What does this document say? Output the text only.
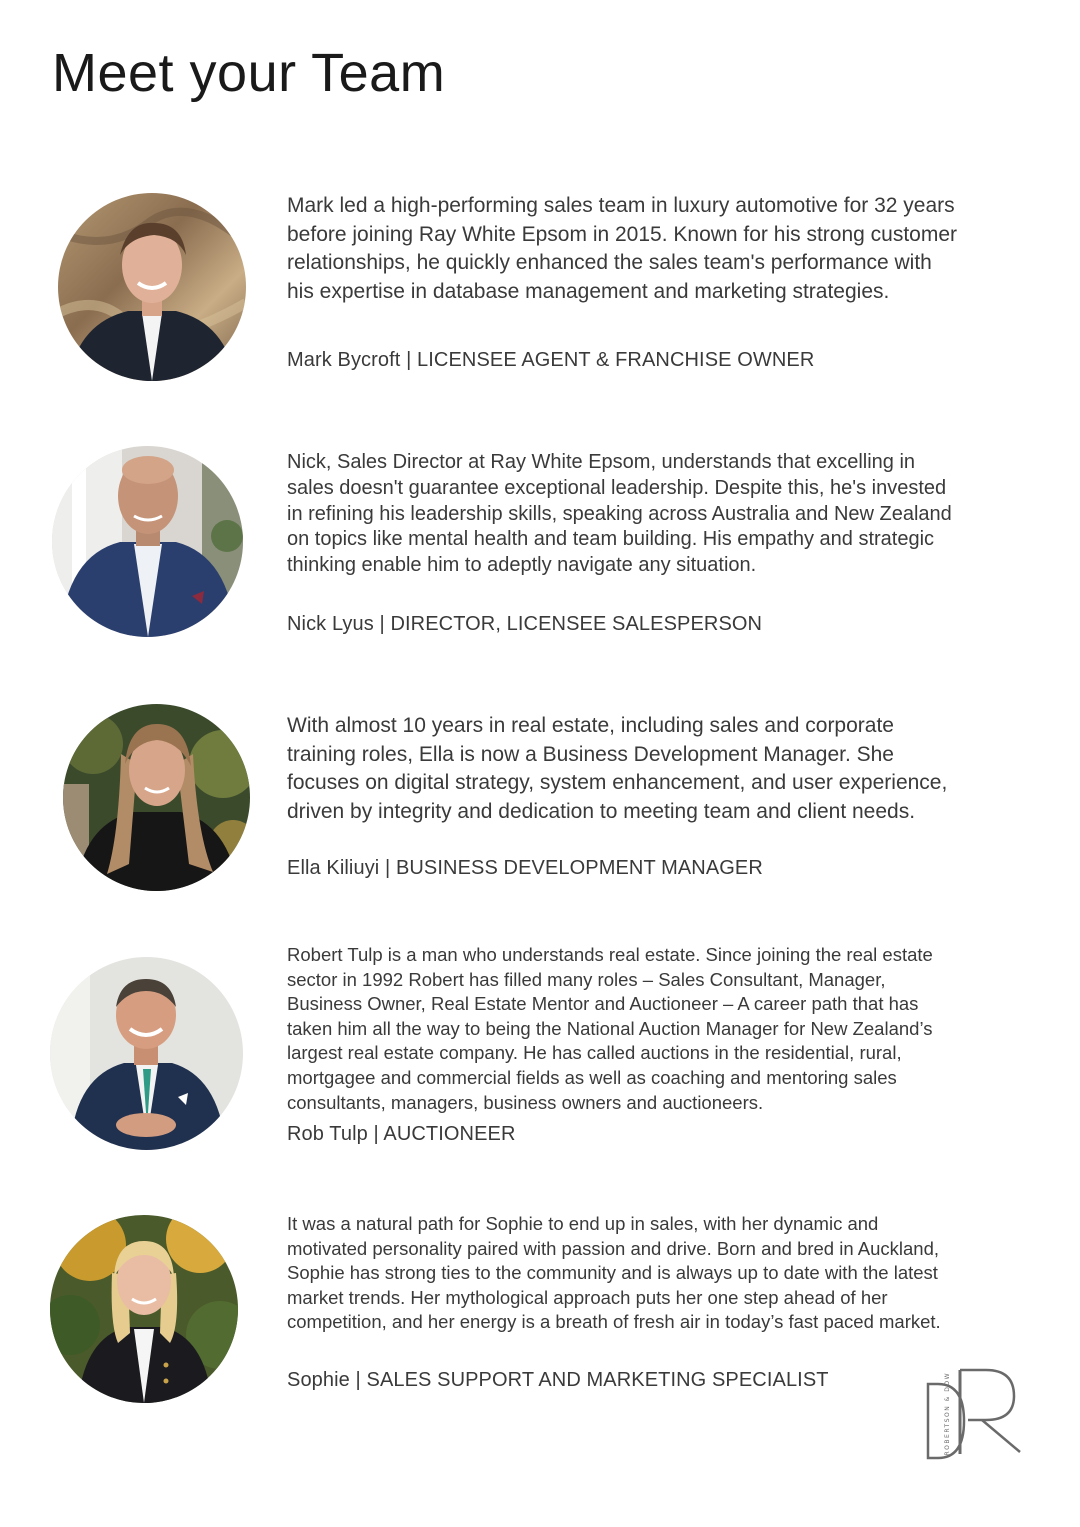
Meet your Team

Mark led a high-performing sales team in luxury automotive for 32 years before joining Ray White Epsom in 2015. Known for his strong customer relationships, he quickly enhanced the sales team's performance with his expertise in database management and marketing strategies.

Mark Bycroft | LICENSEE AGENT & FRANCHISE OWNER

Nick, Sales Director at Ray White Epsom, understands that excelling in sales doesn't guarantee exceptional leadership. Despite this, he's invested in refining his leadership skills, speaking across Australia and New Zealand on topics like mental health and team building. His empathy and strategic thinking enable him to adeptly navigate any situation.

Nick Lyus | DIRECTOR, LICENSEE SALESPERSON

With almost 10 years in real estate, including sales and corporate training roles, Ella is now a Business Development Manager. She focuses on digital strategy, system enhancement, and user experience, driven by integrity and dedication to meeting team and client needs.

Ella Kiliuyi | BUSINESS DEVELOPMENT MANAGER

Robert Tulp is a man who understands real estate. Since joining the real estate sector in 1992 Robert has filled many roles – Sales Consultant, Manager, Business Owner, Real Estate Mentor and Auctioneer – A career path that has taken him all the way to being the National Auction Manager for New Zealand’s largest real estate company. He has called auctions in the residential, rural, mortgagee and commercial fields as well as coaching and mentoring sales consultants, managers, business owners and auctioneers.

Rob Tulp | AUCTIONEER

It was a natural path for Sophie to end up in sales, with her dynamic and motivated personality paired with passion and drive. Born and bred in Auckland, Sophie has strong ties to the community and is always up to date with the latest market trends. Her mythological approach puts her one step ahead of her competition, and her energy is a breath of fresh air in today’s fast paced market.

Sophie | SALES SUPPORT AND MARKETING SPECIALIST	ROBERTSON & DOW
